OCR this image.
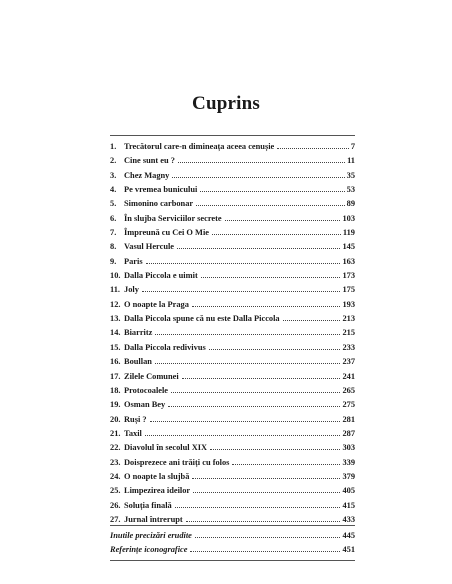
Cuprins
1. Trecătorul care-n dimineața aceea cenușie	7
2. Cine sunt eu ?	11
3. Chez Magny	35
4. Pe vremea bunicului	53
5. Simonino carbonar	89
6. În slujba Serviciilor secrete	103
7. Împreună cu Cei O Mie	119
8. Vasul Hercule	145
9. Paris	163
10. Dalla Piccola e uimit	173
11. Joly	175
12. O noapte la Praga	193
13. Dalla Piccola spune că nu este Dalla Piccola	213
14. Biarritz	215
15. Dalla Piccola redivivus	233
16. Boullan	237
17. Zilele Comunei	241
18. Protocoalele	265
19. Osman Bey	275
20. Ruși ?	281
21. Taxil	287
22. Diavolul în secolul XIX	303
23. Doisprezece ani trăiți cu folos	339
24. O noapte la slujbă	379
25. Limpezirea ideilor	405
26. Soluția finală	415
27. Jurnal întrerupt	433
Inutile precizări erudite	445
Referințe iconografice	451
